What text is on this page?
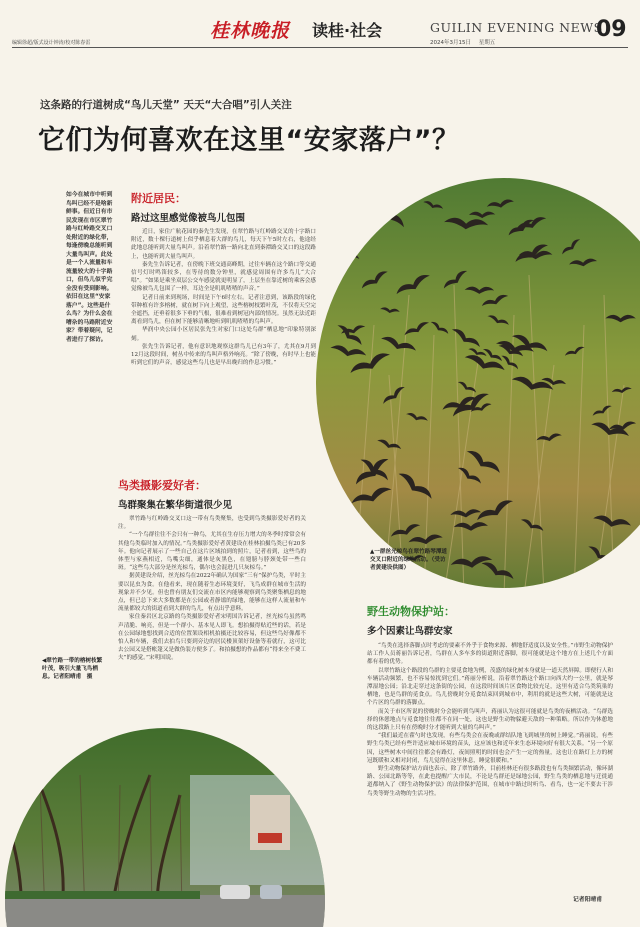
编辑徐超/版式设计钟涛/校对陈春雷
桂林晚报 读桂·社会	GUILIN EVENING NEWS
2024年3月15日 星期五
09
这条路的行道树成“鸟儿天堂” 天天“大合唱”引人关注
它们为何喜欢在这里“安家落户”？
如今在城市中听到鸟叫已经不是啥新鲜事。但近日有市民发现在市区翠竹路与红岭路交叉口处附近的绿化带，每逢傍晚总能听到大量鸟叫声。此处是一个人流量和车流量较大的十字路口，但鸟儿似乎完全没有受到影响。依旧在这里“安家落户”。这些是什么鸟？为什么会在嘈杂的马路附近安家？带着疑问，记者进行了探访。
附近居民：
路过这里感觉像被鸟儿包围

近日，家住广航花园的秦先生发现，在翠竹路与红岭路交叉的十字路口附近，数十棵行道树上似乎栖息着大群的鸟儿，每天下午5时左右，他途经此地总能听到大量鸟叫声。沿着翠竹路一路向北直到秦潭路交叉口的这段路上，也能听到大量鸟叫声。

秦先生告诉记者，在傍晚下班交通高峰期，过往车辆在这个路口等交通信号灯时鸣笛较多，在等待的数分钟里，就感觉周围有许多鸟儿“大合唱”。“如果是乘坐双层公交车感觉就更明显了，上层坐在靠近树的乘客会感觉像被鸟儿包围了一样，耳边全是叽叽喳喳的声音。”

记者日前来到现场，时间是下午6时左右。记者注意到，该路段的绿化带种植有许多榕树，就在树下向上观望，这些榕树枝繁叶茂，不仅将天空完全遮挡，还垂着很多下垂的气根，很难看到树冠内部的情况。虽然无法近距离看到鸟儿，但在树下能够清晰地听到叽叽喳喳的鸟叫声。

华润中央公园小区居民张先生对家门口这处鸟群“栖息地”印象特别深刻。

张先生告诉记者，他有意识地观察这群鸟儿已有3年了，尤其在9月到12月这段时间，树丛中传来的鸟叫声格外响亮。“除了傍晚，有时早上也能听到它们的声音，感觉这些鸟儿也是早出晚归的作息习惯。”

鸟类摄影爱好者：
鸟群聚集在繁华街道很少见

翠竹路与红岭路交叉口这一带有鸟类聚集，也受到鸟类摄影爱好者的关注。

“一个鸟群往往不会只有一种鸟，尤其在生存压力增大的冬季时常常会有其他鸟类临时加入的情况。”鸟类摄影爱好者黄建设在桂林拍摄鸟类已有20多年。他向记者展示了一些自己在这片区域拍到的照片，记者看到，这些鸟的体型与家燕相近，鸟嘴尖细，通体是灰黑色，在翅膀与脖颈处带一些白斑。“这些鸟大部分是丝光椋鸟，偶尔也会混进几只灰椋鸟。”

据黄建设介绍，丝光椋鸟在2022年确认为国家“三有”保护鸟类，平时主要以昆虫为食。在他看来，现在随着生态环境变好，飞鸟成群在城市生活的现象并不少见。但也曾有朋友们交流在市区内能够观察到鸟类聚集栖息的地点，但已总下来大多数都是在公园或者静谧的绿地，能够在这样人流量和车流量都较大的街道看到大群的鸟儿，有点出乎意料。

家住秦岩区北京路的鸟类摄影爱好者宋明国告诉记者，丝光椋鸟虽然鸣声清脆、响亮，但是一个群小、基本见人即飞。想拍摄得贴近些的话，若是在公园绿地想找到合适的位置架设相机拍摄还比较容易，但这些鸟好像都不怕人和车辆，我们去拍鸟只要到旁边的居民楼顶架好设备等着就行，这可比去公园又是搭帐篷又是做伪装方便多了。和拍摄想的作品都有“得来全不费工夫”的感觉。”宋明国说。

野生动物保护站：
多个因素让鸟群安家

“鸟类在选择落脚点时考虑的要素不外乎于食物来源、栖地舒适度以及安全性。”市野生动物保护站工作人员蒋丽告诉记者，鸟群在人多车多的街道附近落脚，很可能就是这个地方在上述几个方面都有着的优势。

以翠竹路这个路段的鸟群的主要觅食地为例，茂盛的绿化树本身就是一道天然屏障。即便行人和车辆活动频繁，也不容易惊扰到它们。”蒋丽分析说，沿着翠竹路这个路口向西大约一公里，就是琴潭湿地公园；沿北走穿过这条街的公园，在这段时间该片区食物比较充足，这里有适合鸟类筑巢的栖地，也是鸟群的觅食点。鸟儿傍晚时分觅食结束回到城市中，利用的就是这些大树，可能就是这个片区的鸟群的落脚点。

而关于市区所说的傍晚时分会能听到鸟叫声，蒋丽认为这很可能就是鸟类的夜栖活动。“鸟群选择的休憩地点与觅食地往往都不在同一处，这也是野生动物躲避天敌的一种策略。所以作为休憩地的这段路上只有在傍晚时分才能听到大量的鸟叫声。”

“我们最近在藿勺时也发现，有些鸟类会在夜晚或群结队地飞到城里的树上睡觉。”蒋丽说，有些野生鸟类已经有些许适应城市环境的苗头，这应该也和近年来生态环境向好有很大关系。“另一个原因，这些树木中间往往都会有路灯，夜间照明的时间也会产生一定的热量，这也让在路灯上方的树冠既暖和又相对封闭，鸟儿觉得在这里休息，睡觉很暖和。”

野生动物保护站方面也表示，除了翠竹路外，目前桂林还有很多路段也有鸟类频繁活动，像环湖路、公园北路等等，在此也提醒广大市民，不论是鸟群还是绿地公园，野生鸟类的栖息地与迁徙通道都纳入了《野生动物保护法》的法律保护范围，在城市中路过时听鸟、看鸟，也一定不要去干涉鸟类等野生动物的生活习性。

记者阳晴甫
▲一群丝光椋鸟在翠竹路琴潭道交叉口附近的绿地活动。（受访者黄建设供图）
◀翠竹路一带的榕树枝繁叶茂，吸引大量飞鸟栖息。记者阳晴甫　摄
